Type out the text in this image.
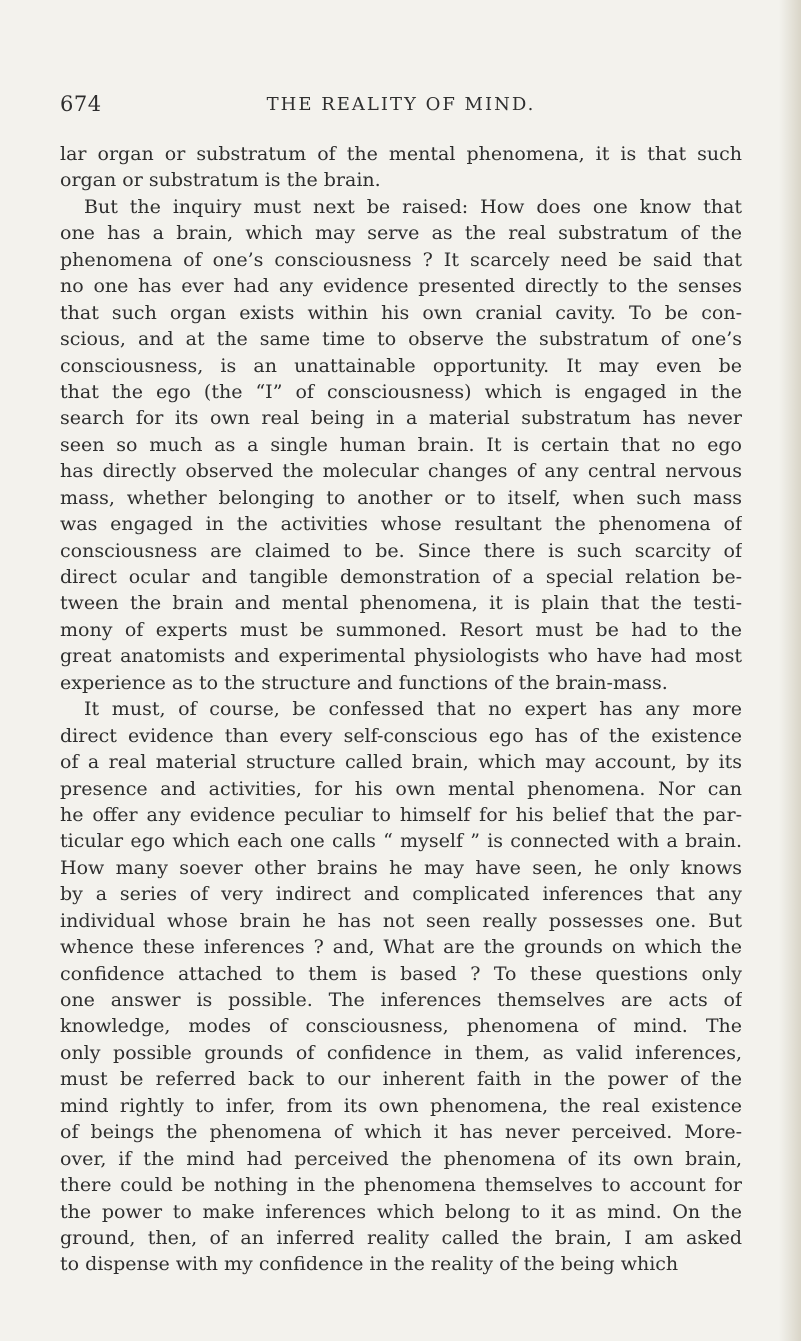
674	THE REALITY OF MIND.
lar organ or substratum of the mental phenomena, it is that such
organ or substratum is the brain.
But the inquiry must next be raised: How does one know that
one has a brain, which may serve as the real substratum of the
phenomena of one’s consciousness ? It scarcely need be said that
no one has ever had any evidence presented directly to the senses
that such organ exists within his own cranial cavity. To be con-
scious, and at the same time to observe the substratum of one’s
consciousness, is an unattainable opportunity. It may even be
that the ego (the “I” of consciousness) which is engaged in the
search for its own real being in a material substratum has never
seen so much as a single human brain. It is certain that no ego
has directly observed the molecular changes of any central nervous
mass, whether belonging to another or to itself, when such mass
was engaged in the activities whose resultant the phenomena of
consciousness are claimed to be. Since there is such scarcity of
direct ocular and tangible demonstration of a special relation be-
tween the brain and mental phenomena, it is plain that the testi-
mony of experts must be summoned. Resort must be had to the
great anatomists and experimental physiologists who have had most
experience as to the structure and functions of the brain-mass.
It must, of course, be confessed that no expert has any more
direct evidence than every self-conscious ego has of the existence
of a real material structure called brain, which may account, by its
presence and activities, for his own mental phenomena. Nor can
he offer any evidence peculiar to himself for his belief that the par-
ticular ego which each one calls “ myself ” is connected with a brain.
How many soever other brains he may have seen, he only knows
by a series of very indirect and complicated inferences that any
individual whose brain he has not seen really possesses one. But
whence these inferences ? and, What are the grounds on which the
confidence attached to them is based ? To these questions only
one answer is possible. The inferences themselves are acts of
knowledge, modes of consciousness, phenomena of mind. The
only possible grounds of confidence in them, as valid inferences,
must be referred back to our inherent faith in the power of the
mind rightly to infer, from its own phenomena, the real existence
of beings the phenomena of which it has never perceived. More-
over, if the mind had perceived the phenomena of its own brain,
there could be nothing in the phenomena themselves to account for
the power to make inferences which belong to it as mind. On the
ground, then, of an inferred reality called the brain, I am asked
to dispense with my confidence in the reality of the being which
